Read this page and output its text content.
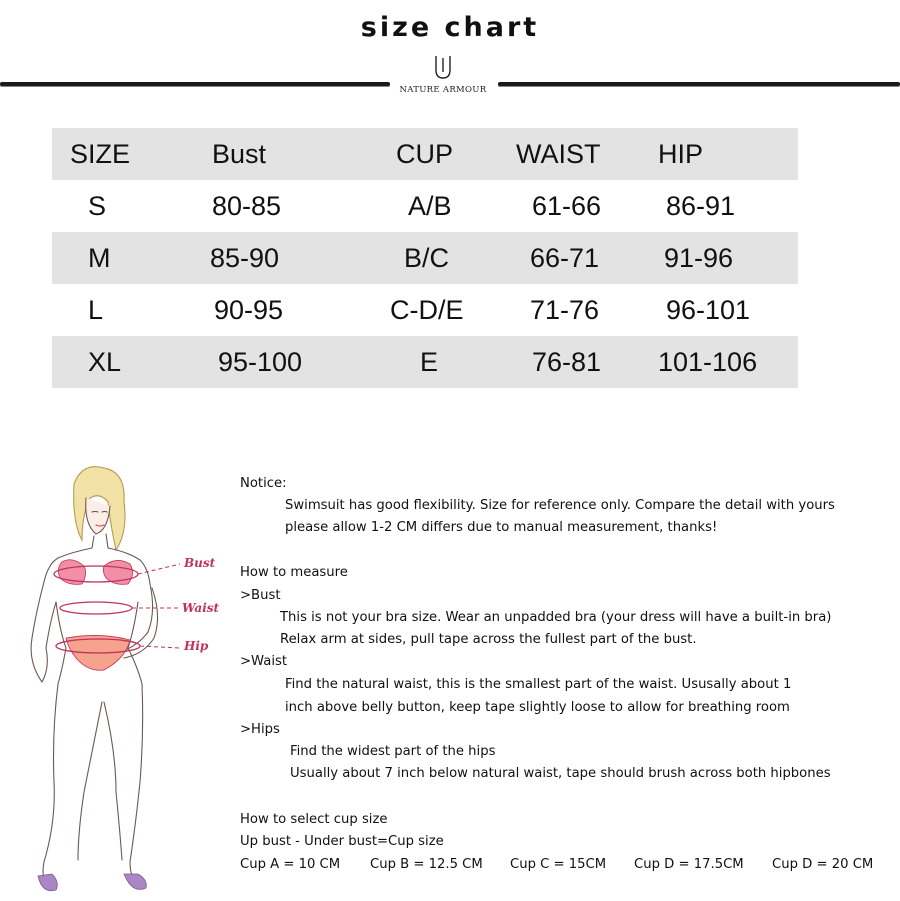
size chart
NATURE ARMOUR
SIZE	Bust	CUP WAIST HIP
S	80-85	A/B	61-66 86-91
M	85-90	B/C	66-71 91-96
L	90-95	C-D/E 71-76 96-101
XL	95-100	E	76-81 101-106
Bust
Waist
Hip
Notice:
Swimsuit has good flexibility. Size for reference only. Compare the detail with yours
please allow 1-2 CM differs due to manual measurement, thanks!
How to measure
>Bust
This is not your bra size. Wear an unpadded bra (your dress will have a built-in bra)
Relax arm at sides, pull tape across the fullest part of the bust.
>Waist
Find the natural waist, this is the smallest part of the waist. Ususally about 1
inch above belly button, keep tape slightly loose to allow for breathing room
>Hips
Find the widest part of the hips
Usually about 7 inch below natural waist, tape should brush across both hipbones
How to select cup size
Up bust - Under bust=Cup size
Cup A = 10 CM Cup B = 12.5 CM Cup C = 15CM Cup D = 17.5CM Cup D = 20 CM
